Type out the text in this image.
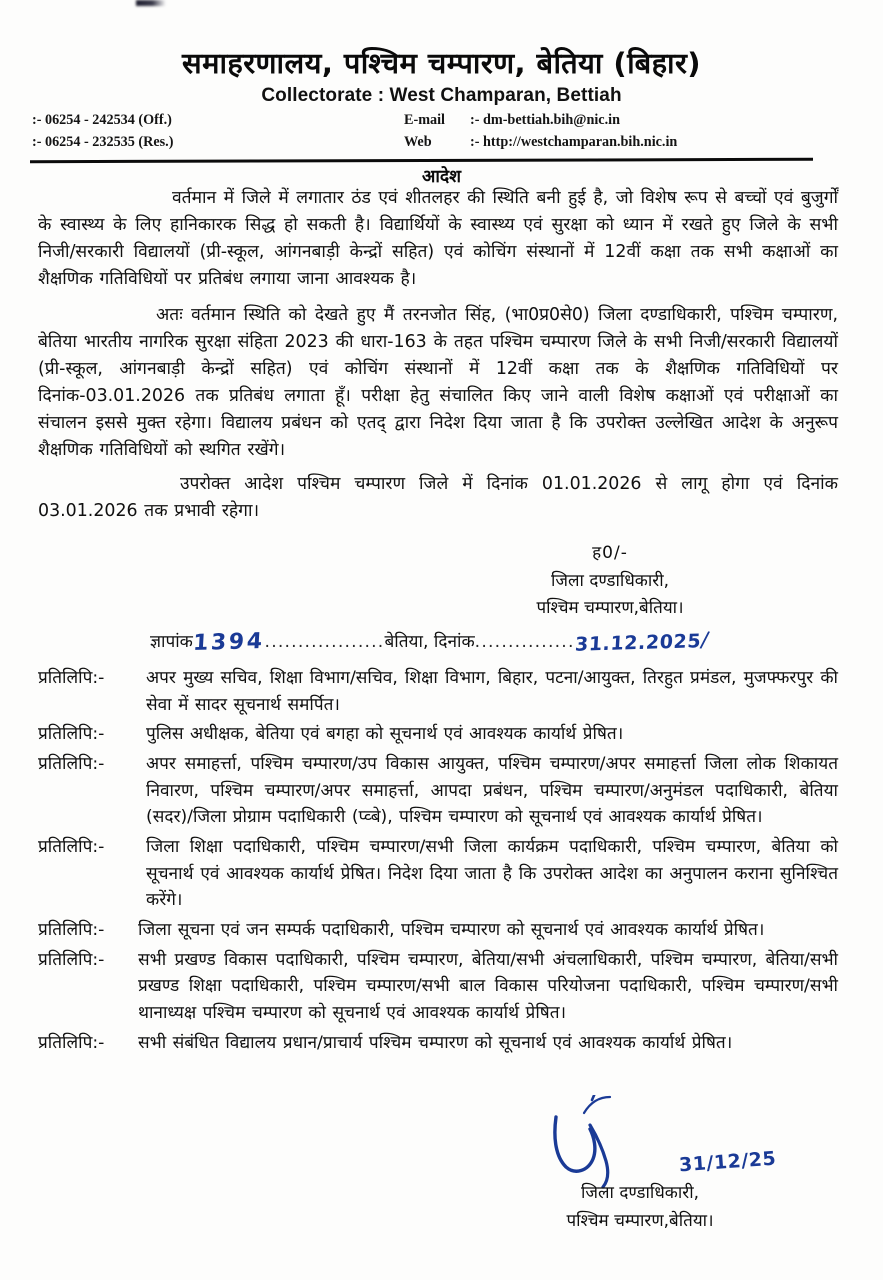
समाहरणालय, पश्चिम चम्पारण, बेतिया (बिहार)
Collectorate : West Champaran, Bettiah
:- 06254 - 242534 (Off.)	E-mail :- dm-bettiah.bih@nic.in
:- 06254 - 232535 (Res.)	Web	:- http://westchamparan.bih.nic.in
आदेश

वर्तमान में जिले में लगातार ठंड एवं शीतलहर की स्थिति बनी हुई है, जो विशेष रूप से बच्चों एवं बुजुर्गों के स्वास्थ्य के लिए हानिकारक सिद्ध हो सकती है। विद्यार्थियों के स्वास्थ्य एवं सुरक्षा को ध्यान में रखते हुए जिले के सभी निजी/सरकारी विद्यालयों (प्री-स्कूल, आंगनबाड़ी केन्द्रों सहित) एवं कोचिंग संस्थानों में 12वीं कक्षा तक सभी कक्षाओं का शैक्षणिक गतिविधियों पर प्रतिबंध लगाया जाना आवश्यक है।

अतः वर्तमान स्थिति को देखते हुए मैं तरनजोत सिंह, (भा0प्र0से0) जिला दण्डाधिकारी, पश्चिम चम्पारण, बेतिया भारतीय नागरिक सुरक्षा संहिता 2023 की धारा-163 के तहत पश्चिम चम्पारण जिले के सभी निजी/सरकारी विद्यालयों (प्री-स्कूल, आंगनबाड़ी केन्द्रों सहित) एवं कोचिंग संस्थानों में 12वीं कक्षा तक के शैक्षणिक गतिविधियों पर दिनांक-03.01.2026 तक प्रतिबंध लगाता हूँ। परीक्षा हेतु संचालित किए जाने वाली विशेष कक्षाओं एवं परीक्षाओं का संचालन इससे मुक्त रहेगा। विद्यालय प्रबंधन को एतद् द्वारा निदेश दिया जाता है कि उपरोक्त उल्लेखित आदेश के अनुरूप शैक्षणिक गतिविधियों को स्थगित रखेंगे।

उपरोक्त आदेश पश्चिम चम्पारण जिले में दिनांक 01.01.2026 से लागू होगा एवं दिनांक 03.01.2026 तक प्रभावी रहेगा।

ह0/-
जिला दण्डाधिकारी,
पश्चिम चम्पारण,बेतिया।
ज्ञापांक1394..................बेतिया, दिनांक...............31.12.2025/
प्रतिलिपि:-	अपर मुख्य सचिव, शिक्षा विभाग/सचिव, शिक्षा विभाग, बिहार, पटना/आयुक्त, तिरहुत प्रमंडल, मुजफ्फरपुर की सेवा में सादर सूचनार्थ समर्पित।
प्रतिलिपि:-	पुलिस अधीक्षक, बेतिया एवं बगहा को सूचनार्थ एवं आवश्यक कार्यार्थ प्रेषित।
प्रतिलिपि:-	अपर समाहर्त्ता, पश्चिम चम्पारण/उप विकास आयुक्त, पश्चिम चम्पारण/अपर समाहर्त्ता जिला लोक शिकायत निवारण, पश्चिम चम्पारण/अपर समाहर्त्ता, आपदा प्रबंधन, पश्चिम चम्पारण/अनुमंडल पदाधिकारी, बेतिया (सदर)/जिला प्रोग्राम पदाधिकारी (प्व्बे), पश्चिम चम्पारण को सूचनार्थ एवं आवश्यक कार्यार्थ प्रेषित।
प्रतिलिपि:-	जिला शिक्षा पदाधिकारी, पश्चिम चम्पारण/सभी जिला कार्यक्रम पदाधिकारी, पश्चिम चम्पारण, बेतिया को सूचनार्थ एवं आवश्यक कार्यार्थ प्रेषित। निदेश दिया जाता है कि उपरोक्त आदेश का अनुपालन कराना सुनिश्चित करेंगे।
प्रतिलिपि:-	जिला सूचना एवं जन सम्पर्क पदाधिकारी, पश्चिम चम्पारण को सूचनार्थ एवं आवश्यक कार्यार्थ प्रेषित।
प्रतिलिपि:-	सभी प्रखण्ड विकास पदाधिकारी, पश्चिम चम्पारण, बेतिया/सभी अंचलाधिकारी, पश्चिम चम्पारण, बेतिया/सभी प्रखण्ड शिक्षा पदाधिकारी, पश्चिम चम्पारण/सभी बाल विकास परियोजना पदाधिकारी, पश्चिम चम्पारण/सभी थानाध्यक्ष पश्चिम चम्पारण को सूचनार्थ एवं आवश्यक कार्यार्थ प्रेषित।
प्रतिलिपि:-	सभी संबंधित विद्यालय प्रधान/प्राचार्य पश्चिम चम्पारण को सूचनार्थ एवं आवश्यक कार्यार्थ प्रेषित।
31/12/25
जिला दण्डाधिकारी,
पश्चिम चम्पारण,बेतिया।
